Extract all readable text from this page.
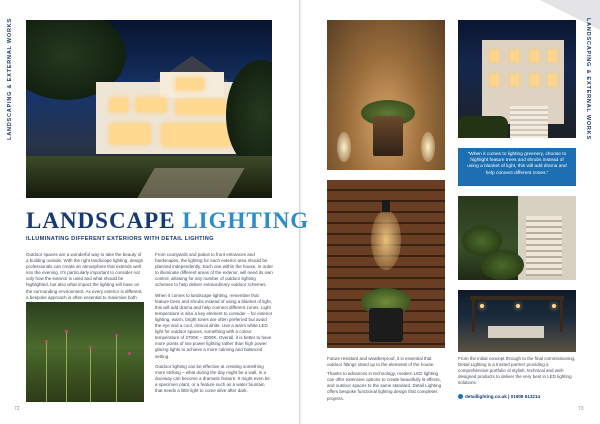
LANDSCAPING & EXTERNAL WORKS	LANDSCAPING & EXTERNAL WORKS
LANDSCAPE LIGHTING
ILLUMINATING DIFFERENT EXTERIORS WITH DETAIL LIGHTING
Outdoor spaces are a wonderful way to take the beauty of a building outside. With the right landscape lighting, design professionals can create an atmosphere that extends well into the evening. It’s particularly important to consider not only how the exterior is used and what should be highlighted, but also what impact the lighting will have on the surrounding environment. As every exterior is different, a bespoke approach is often essential to maximise both

From courtyards and patios to front entrances and hardscapes, the lighting for each exterior area should be planned independently. Each one within the house, in order to illuminate different areas of the exterior, will need its own control, allowing for any number of outdoor lighting schemes to help deliver extraordinary outdoor schemes.

When it comes to landscape lighting, remember that feature trees and shrubs instead of using a blanket of light, this will add drama and help connect different zones. Light temperature is also a key element to consider – for exterior lighting, warm, bright tones are often preferred but avoid the eye and a cool, clinical white. Use a warm white LED light for outdoor spaces, something with a colour temperature of 2700K – 3000K. Overall, it is better to have more points of low power lighting rather than high power glaring lights to achieve a more calming and balanced setting.

Outdoor lighting can be effective at creating something more striking – what during the day might be a wall, in a doorway can become a dramatic feature. It might even be a specimen plant, or a feature such as a water fountain that needs a little light to come alive after dark.

72
“When it comes to lighting greenery, choose to highlight feature trees and shrubs instead of using a blanket of light, this will add drama and help connect different zones.”

Future resistant and weatherproof, it is essential that outdoor fittings stand up to the elements of the house.

Thanks to advances in technology, modern LED lighting can offer extensive options to create beautifully lit effects, and outdoor spaces to the same standard. Detail Lighting offers bespoke functional lighting design that completes projects.

From the initial concept through to the final commissioning, Detail Lighting is a trusted partner providing a comprehensive portfolio of stylish, technical and well-designed products to deliver the very best in LED lighting solutions.
detaillighting.co.uk | 01908 613214
73
